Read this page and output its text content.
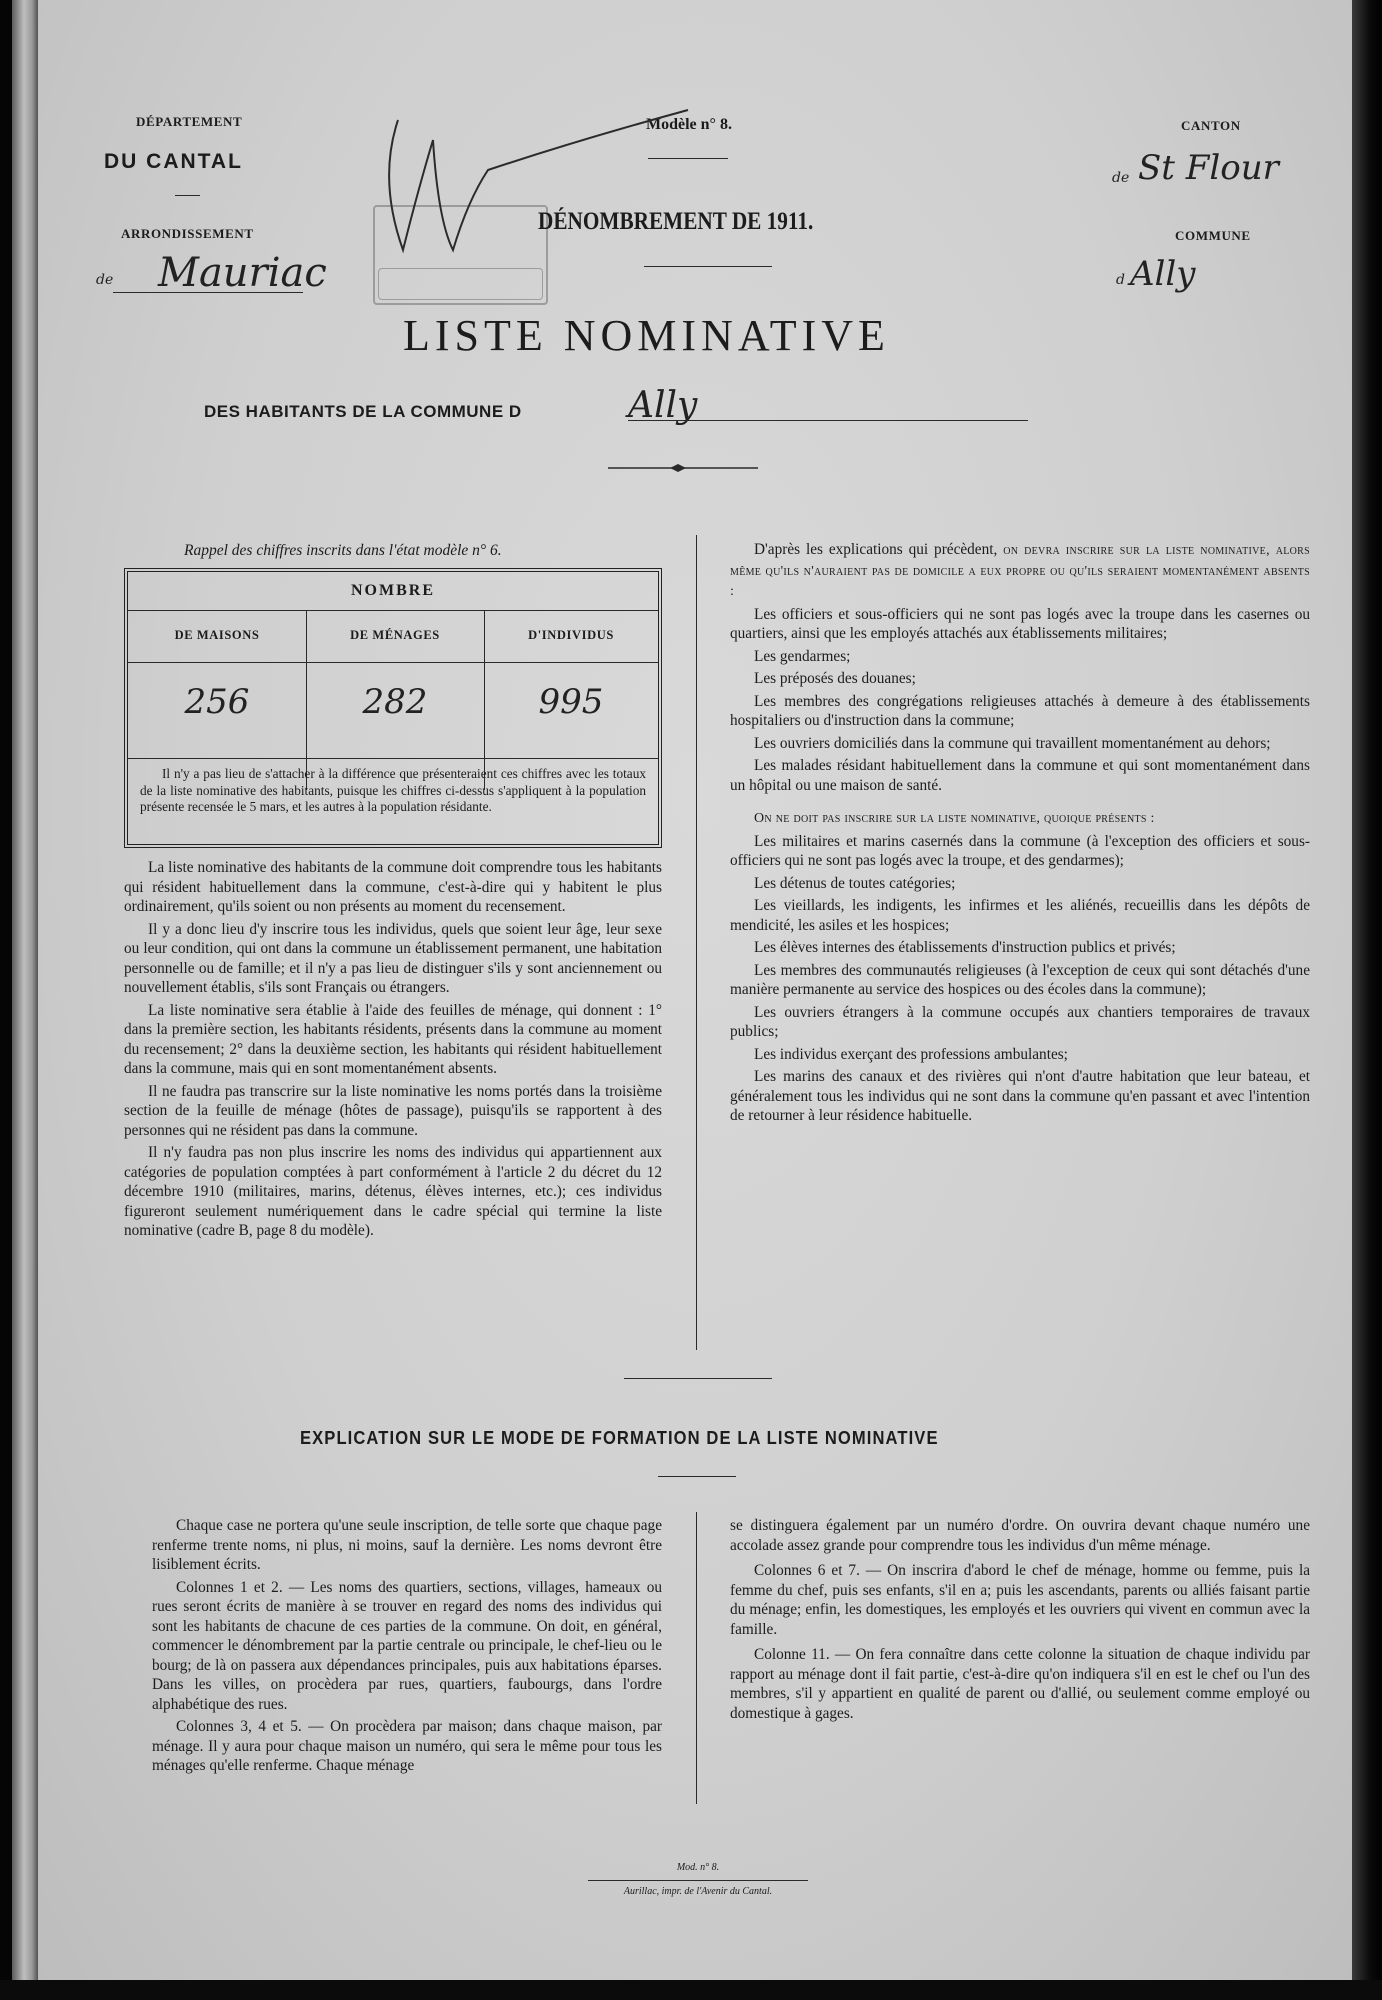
DÉPARTEMENT
DU CANTAL
ARRONDISSEMENT
de Mauriac
Modèle n° 8.
DÉNOMBREMENT DE 1911.
LISTE NOMINATIVE
DES HABITANTS DE LA COMMUNE D	Ally
CANTON
de St Flour
COMMUNE
d Ally
Rappel des chiffres inscrits dans l'état modèle n° 6.
NOMBRE
DE MAISONS	DE MÉNAGES	D'INDIVIDUS
256	282	995
Il n'y a pas lieu de s'attacher à la différence que présenteraient ces chiffres avec les totaux de la liste nominative des habitants, puisque les chiffres ci-dessus s'appliquent à la population présente recensée le 5 mars, et les autres à la population résidante.

La liste nominative des habitants de la commune doit comprendre tous les habitants qui résident habituellement dans la commune, c'est-à-dire qui y habitent le plus ordinairement, qu'ils soient ou non présents au moment du recensement.

Il y a donc lieu d'y inscrire tous les individus, quels que soient leur âge, leur sexe ou leur condition, qui ont dans la commune un établissement permanent, une habitation personnelle ou de famille; et il n'y a pas lieu de distinguer s'ils y sont anciennement ou nouvellement établis, s'ils sont Français ou étrangers.

La liste nominative sera établie à l'aide des feuilles de ménage, qui donnent : 1° dans la première section, les habitants résidents, présents dans la commune au moment du recensement; 2° dans la deuxième section, les habitants qui résident habituellement dans la commune, mais qui en sont momentanément absents.

Il ne faudra pas transcrire sur la liste nominative les noms portés dans la troisième section de la feuille de ménage (hôtes de passage), puisqu'ils se rapportent à des personnes qui ne résident pas dans la commune.

Il n'y faudra pas non plus inscrire les noms des individus qui appartiennent aux catégories de population comptées à part conformément à l'article 2 du décret du 12 décembre 1910 (militaires, marins, détenus, élèves internes, etc.); ces individus figureront seulement numériquement dans le cadre spécial qui termine la liste nominative (cadre B, page 8 du modèle).

D'après les explications qui précèdent, on devra inscrire sur la liste nominative, alors même qu'ils n'auraient pas de domicile a eux propre ou qu'ils seraient momentanément absents :

Les officiers et sous-officiers qui ne sont pas logés avec la troupe dans les casernes ou quartiers, ainsi que les employés attachés aux établissements militaires;

Les gendarmes;

Les préposés des douanes;

Les membres des congrégations religieuses attachés à demeure à des établissements hospitaliers ou d'instruction dans la commune;

Les ouvriers domiciliés dans la commune qui travaillent momentanément au dehors;

Les malades résidant habituellement dans la commune et qui sont momentanément dans un hôpital ou une maison de santé.

On ne doit pas inscrire sur la liste nominative, quoique présents :

Les militaires et marins casernés dans la commune (à l'exception des officiers et sous-officiers qui ne sont pas logés avec la troupe, et des gendarmes);

Les détenus de toutes catégories;

Les vieillards, les indigents, les infirmes et les aliénés, recueillis dans les dépôts de mendicité, les asiles et les hospices;

Les élèves internes des établissements d'instruction publics et privés;

Les membres des communautés religieuses (à l'exception de ceux qui sont détachés d'une manière permanente au service des hospices ou des écoles dans la commune);

Les ouvriers étrangers à la commune occupés aux chantiers temporaires de travaux publics;

Les individus exerçant des professions ambulantes;

Les marins des canaux et des rivières qui n'ont d'autre habitation que leur bateau, et généralement tous les individus qui ne sont dans la commune qu'en passant et avec l'intention de retourner à leur résidence habituelle.

EXPLICATION SUR LE MODE DE FORMATION DE LA LISTE NOMINATIVE

Chaque case ne portera qu'une seule inscription, de telle sorte que chaque page renferme trente noms, ni plus, ni moins, sauf la dernière. Les noms devront être lisiblement écrits.

Colonnes 1 et 2. — Les noms des quartiers, sections, villages, hameaux ou rues seront écrits de manière à se trouver en regard des noms des individus qui sont les habitants de chacune de ces parties de la commune. On doit, en général, commencer le dénombrement par la partie centrale ou principale, le chef-lieu ou le bourg; de là on passera aux dépendances principales, puis aux habitations éparses. Dans les villes, on procèdera par rues, quartiers, faubourgs, dans l'ordre alphabétique des rues.

Colonnes 3, 4 et 5. — On procèdera par maison; dans chaque maison, par ménage. Il y aura pour chaque maison un numéro, qui sera le même pour tous les ménages qu'elle renferme. Chaque ménage

se distinguera également par un numéro d'ordre. On ouvrira devant chaque numéro une accolade assez grande pour comprendre tous les individus d'un même ménage.

Colonnes 6 et 7. — On inscrira d'abord le chef de ménage, homme ou femme, puis la femme du chef, puis ses enfants, s'il en a; puis les ascendants, parents ou alliés faisant partie du ménage; enfin, les domestiques, les employés et les ouvriers qui vivent en commun avec la famille.

Colonne 11. — On fera connaître dans cette colonne la situation de chaque individu par rapport au ménage dont il fait partie, c'est-à-dire qu'on indiquera s'il en est le chef ou l'un des membres, s'il y appartient en qualité de parent ou d'allié, ou seulement comme employé ou domestique à gages.

Mod. n° 8.
Aurillac, impr. de l'Avenir du Cantal.
